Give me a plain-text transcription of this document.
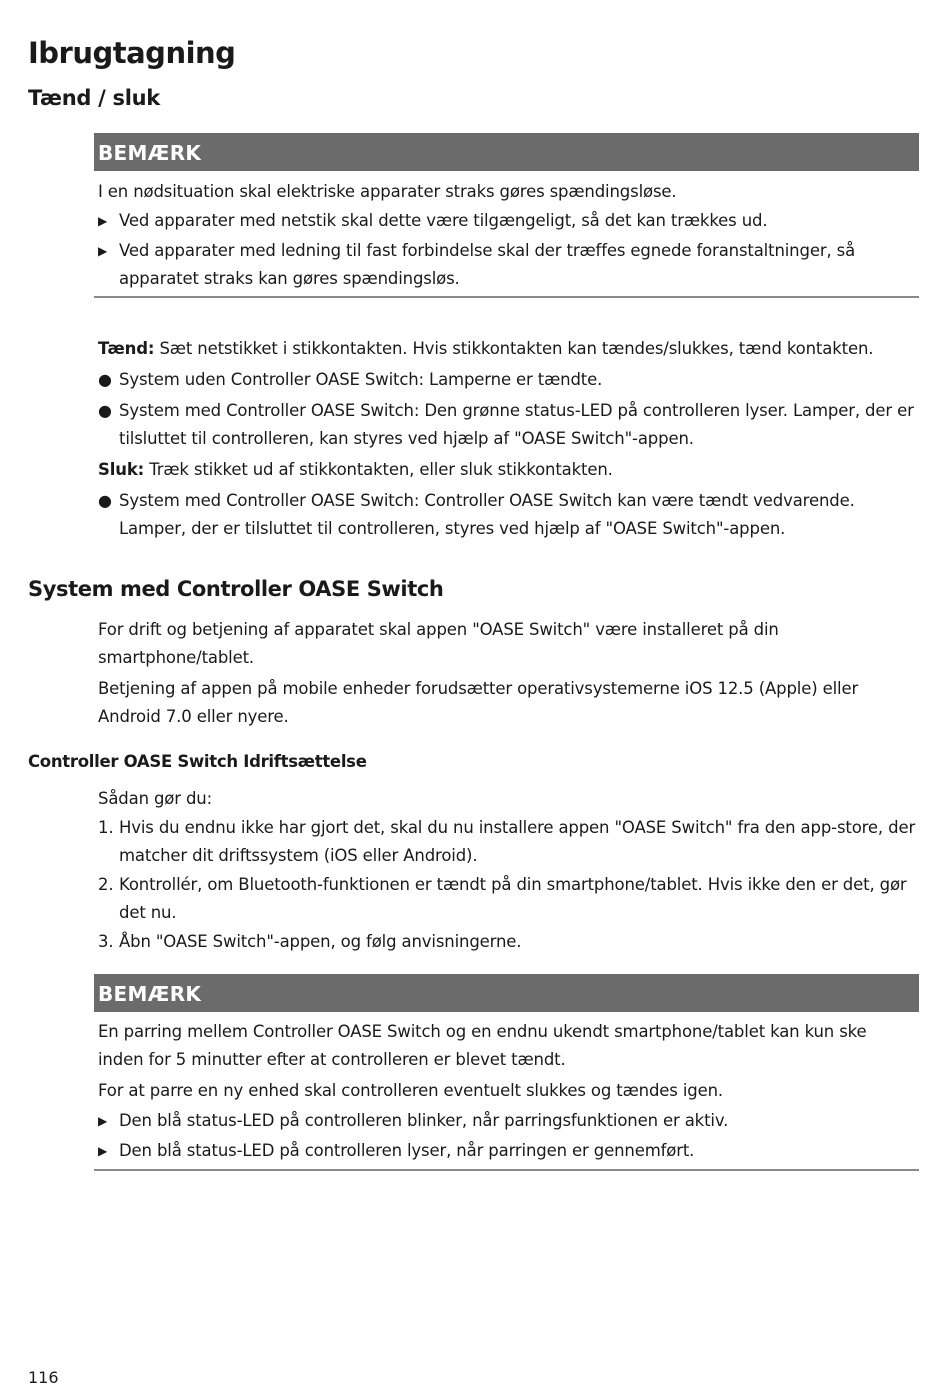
Ibrugtagning
Tænd / sluk
BEMÆRK

I en nødsituation skal elektriske apparater straks gøres spændingsløse.

▶ Ved apparater med netstik skal dette være tilgængeligt, så det kan trækkes ud.
▶ Ved apparater med ledning til fast forbindelse skal der træffes egnede foranstaltninger, så apparatet straks kan gøres spændingsløs.

Tænd: Sæt netstikket i stikkontakten. Hvis stikkontakten kan tændes/slukkes, tænd kontakten.

● System uden Controller OASE Switch: Lamperne er tændte.
● System med Controller OASE Switch: Den grønne status-LED på controlleren lyser. Lamper, der er tilsluttet til controlleren, kan styres ved hjælp af "OASE Switch"-appen.

Sluk: Træk stikket ud af stikkontakten, eller sluk stikkontakten.

● System med Controller OASE Switch: Controller OASE Switch kan være tændt vedvarende. Lamper, der er tilsluttet til controlleren, styres ved hjælp af "OASE Switch"-appen.
System med Controller OASE Switch

For drift og betjening af apparatet skal appen "OASE Switch" være installeret på din smartphone/tablet.

Betjening af appen på mobile enheder forudsætter operativsystemerne iOS 12.5 (Apple) eller Android 7.0 eller nyere.

Controller OASE Switch Idriftsættelse

Sådan gør du:

1. Hvis du endnu ikke har gjort det, skal du nu installere appen "OASE Switch" fra den app-store, der matcher dit driftssystem (iOS eller Android).
2. Kontrollér, om Bluetooth-funktionen er tændt på din smartphone/tablet. Hvis ikke den er det, gør det nu.
3. Åbn "OASE Switch"-appen, og følg anvisningerne.
BEMÆRK

En parring mellem Controller OASE Switch og en endnu ukendt smartphone/tablet kan kun ske inden for 5 minutter efter at controlleren er blevet tændt.

For at parre en ny enhed skal controlleren eventuelt slukkes og tændes igen.

▶ Den blå status-LED på controlleren blinker, når parringsfunktionen er aktiv.
▶ Den blå status-LED på controlleren lyser, når parringen er gennemført.

116
